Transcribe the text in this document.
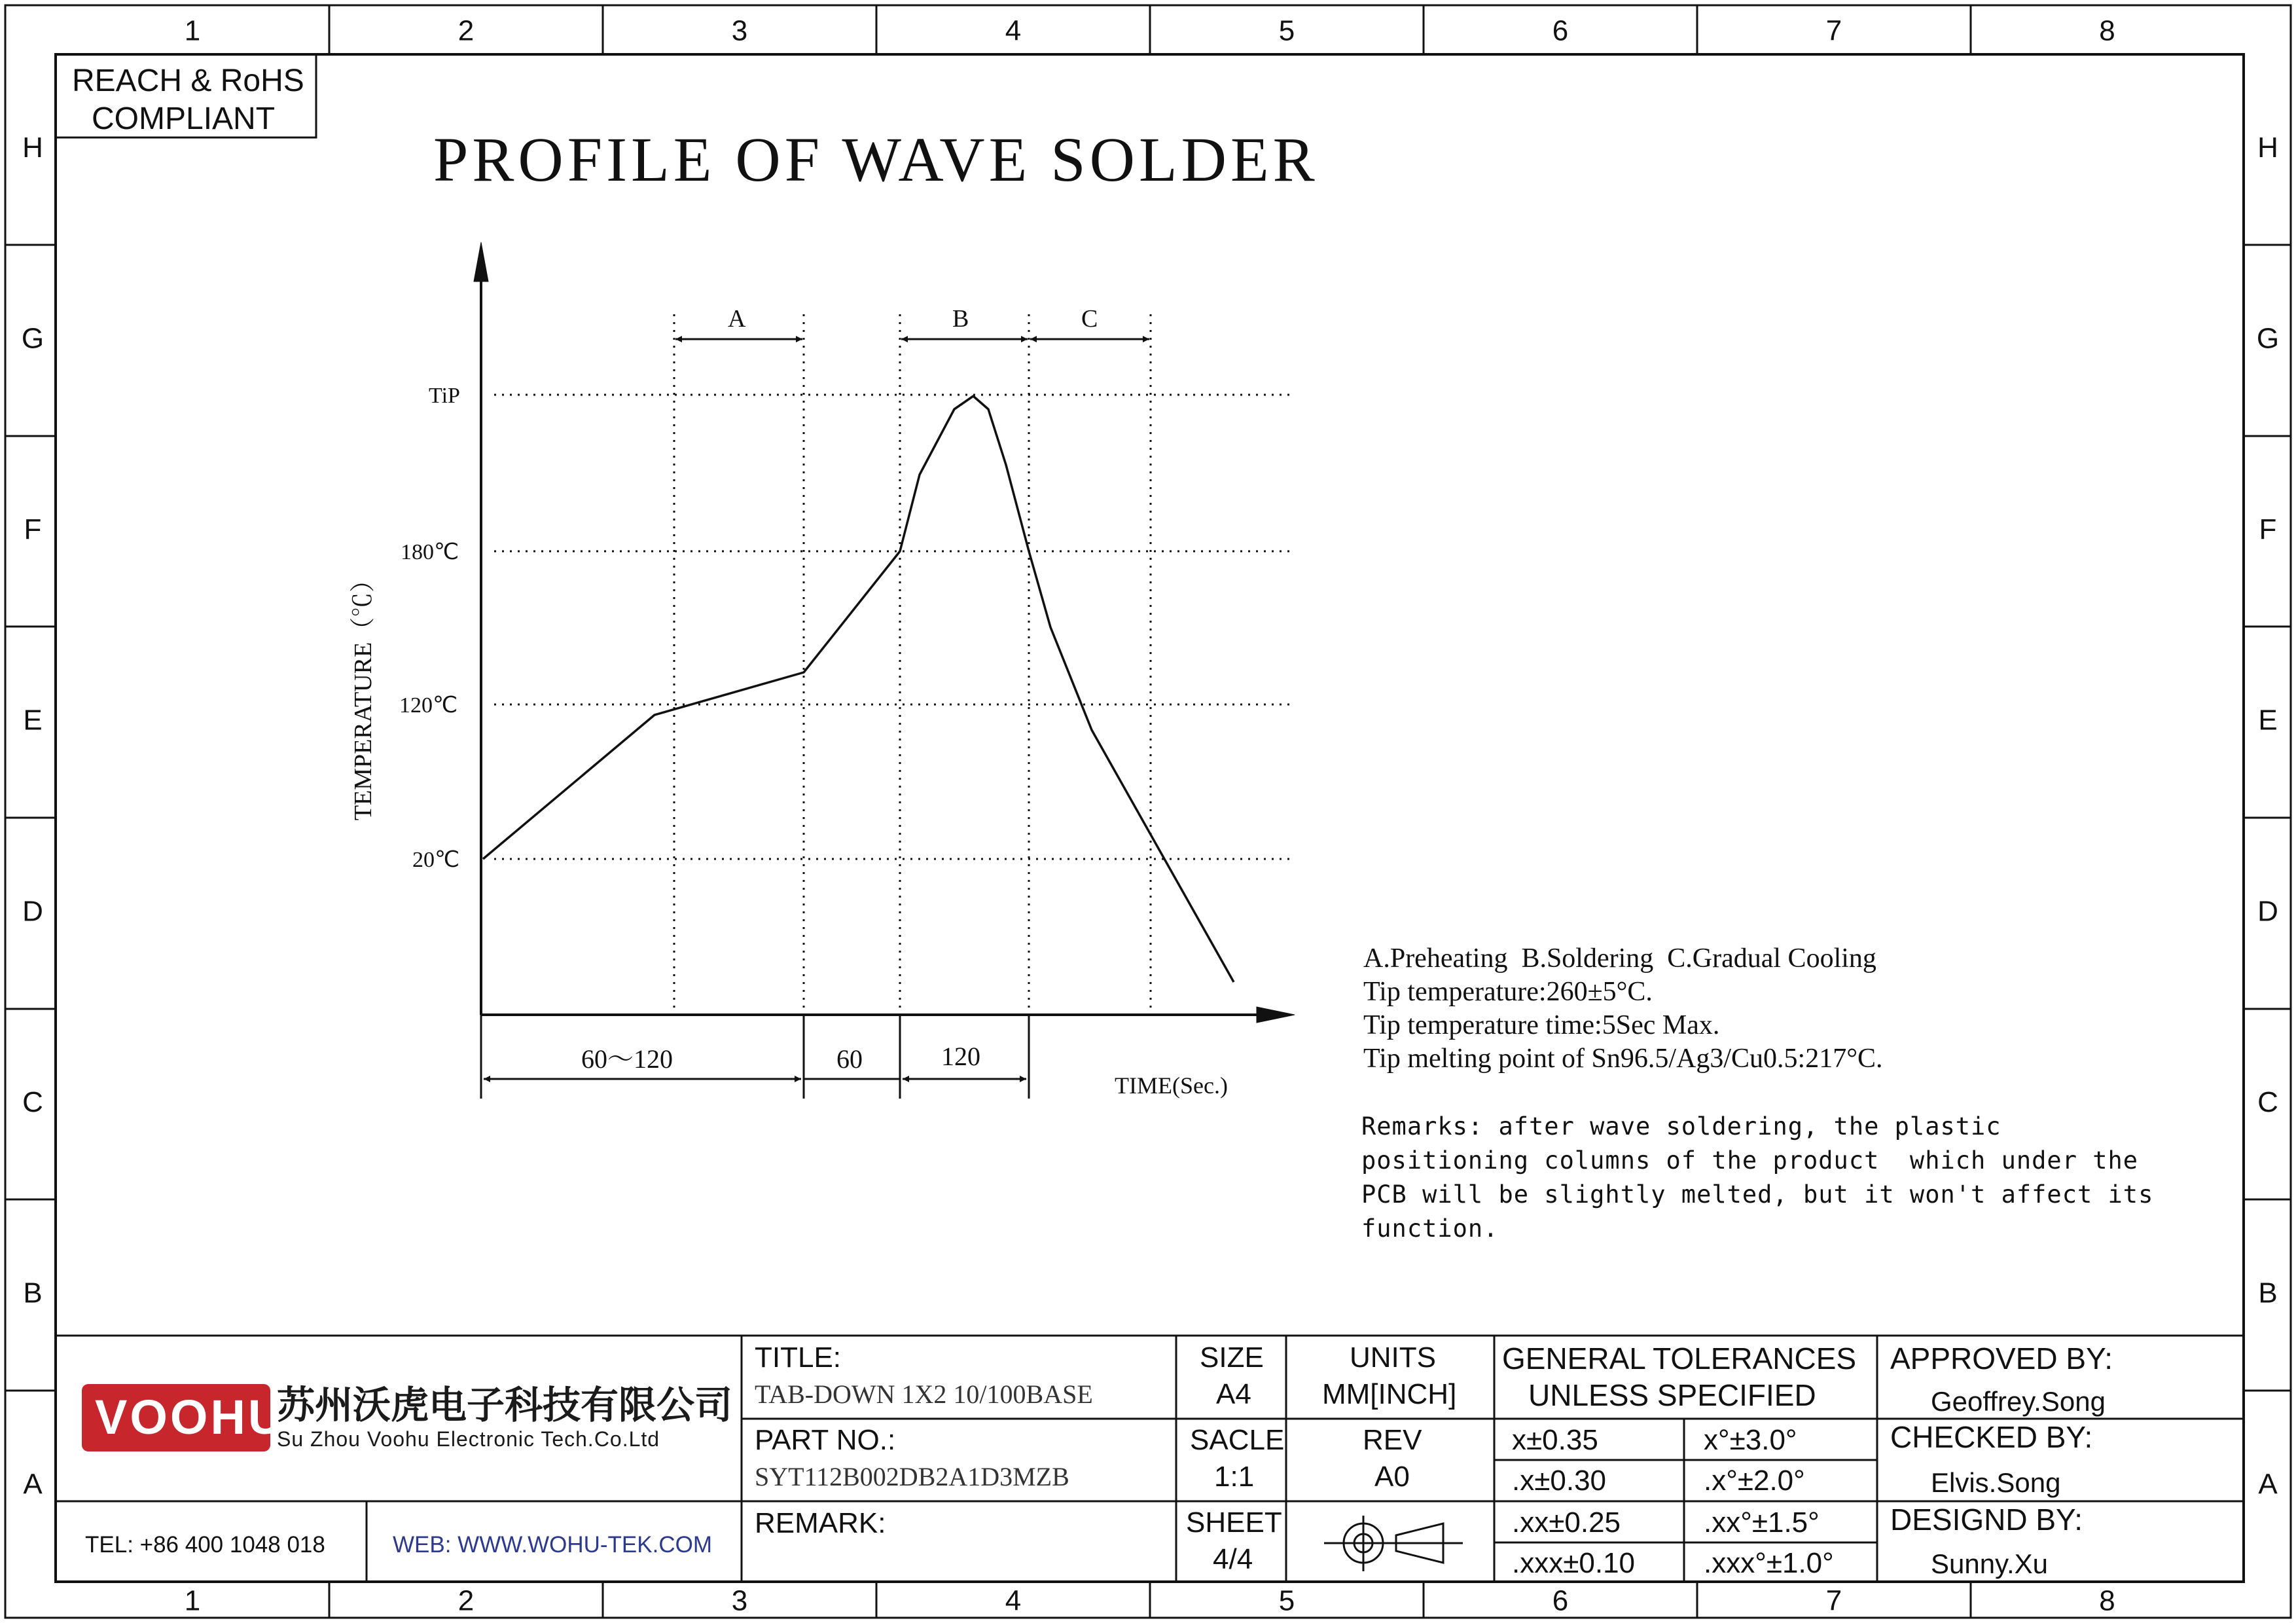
1
1
2
2
3
3
4
4
5
5
6
6
7
7
8
8
H	H
G	G
F	F
E	E
D	D
C	C
B	B
A	A
REACH & RoHS
COMPLIANT
PROFILE OF WAVE SOLDER
TEMPERATURE（℃）
TiP
180℃
120℃
20℃
A	B	C
60～120	60	120
TIME(Sec.)
A.Preheating  B.Soldering  C.Gradual Cooling
Tip temperature:260±5°C.
Tip temperature time:5Sec Max.
Tip melting point of Sn96.5/Ag3/Cu0.5:217°C.
Remarks: after wave soldering, the plastic
positioning columns of the product  which under the
PCB will be slightly melted, but it won't affect its
function.
VOOHU
苏州沃虎电子科技有限公司
Su Zhou Voohu Electronic Tech.Co.Ltd
TEL: +86 400 1048 018	WEB: WWW.WOHU-TEK.COM
TITLE:
TAB-DOWN 1X2 10/100BASE
PART NO.:
SYT112B002DB2A1D3MZB
REMARK:
SIZE
A4
UNITS
MM[INCH]
SACLE
1:1
REV
A0
SHEET
4/4
GENERAL TOLERANCES
UNLESS SPECIFIED
x±0.35	x°±3.0°
.x±0.30	.x°±2.0°
.xx±0.25	.xx°±1.5°
.xxx±0.10 .xxx°±1.0°
APPROVED BY:
Geoffrey.Song
CHECKED BY:
Elvis.Song
DESIGND BY:
Sunny.Xu
